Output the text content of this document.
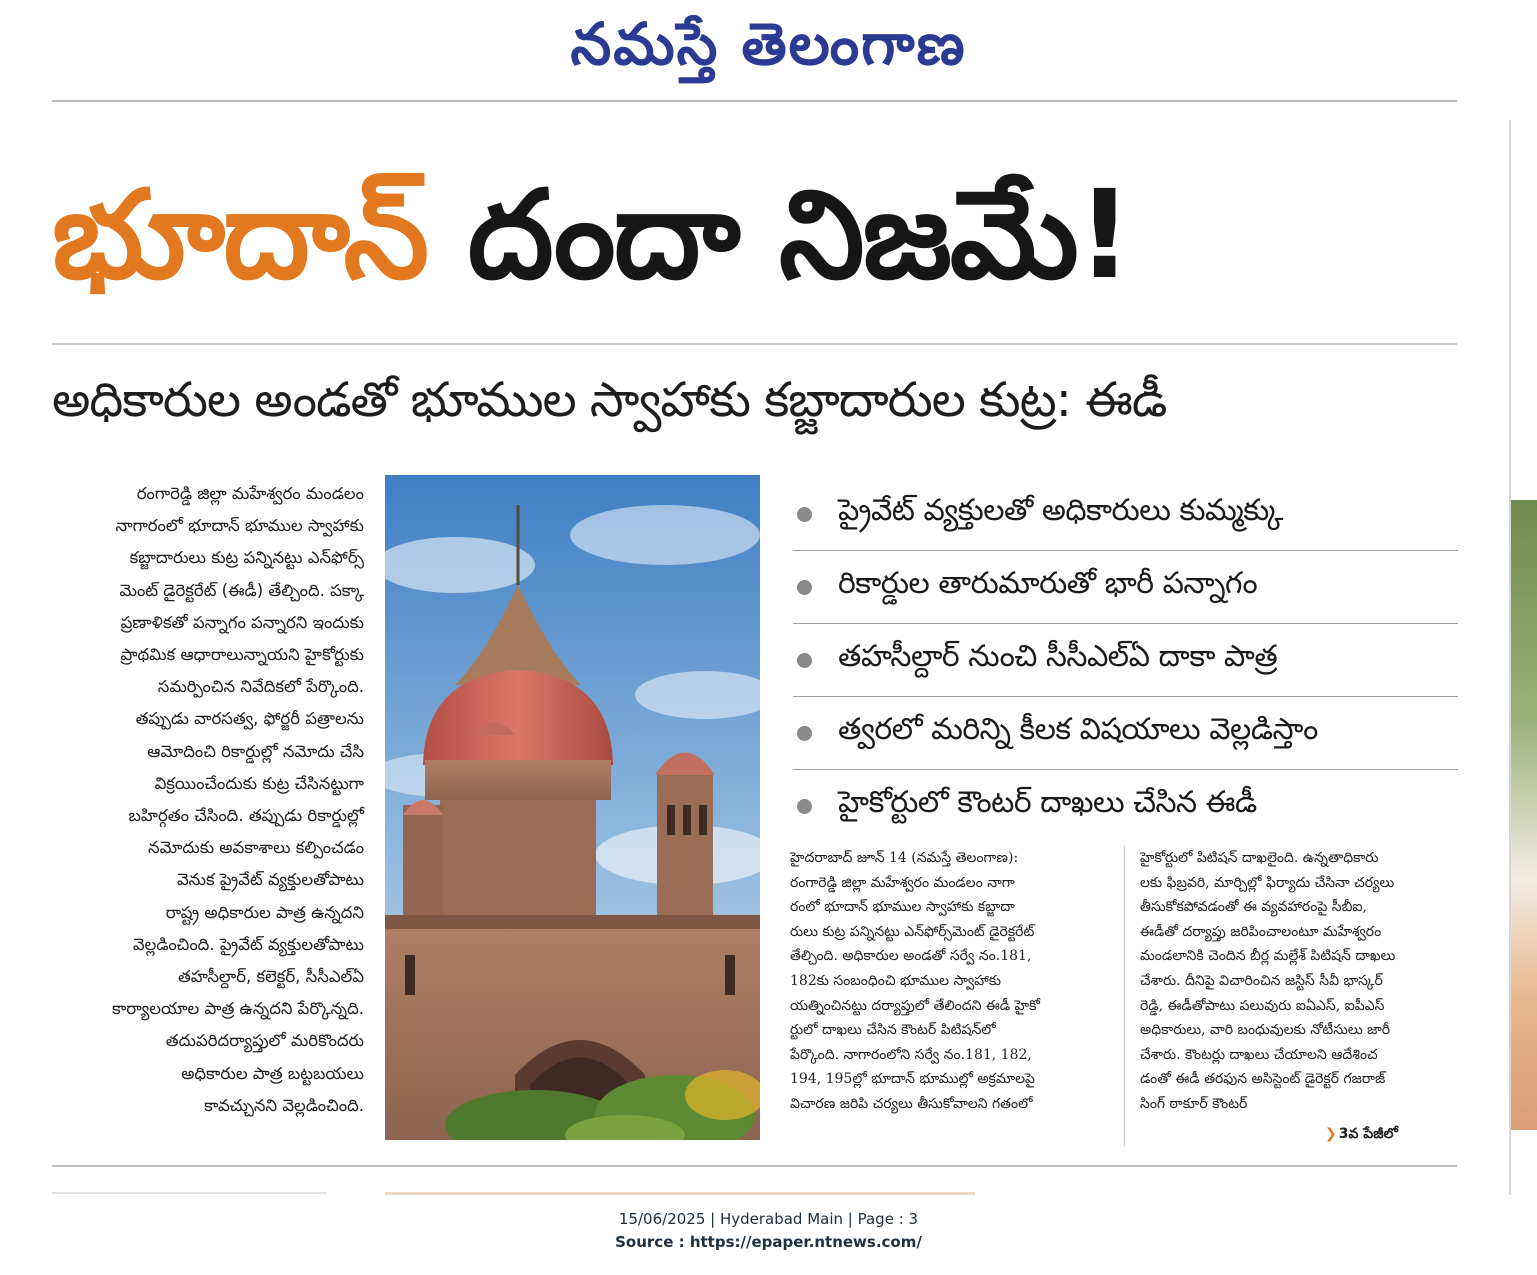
నమస్తే తెలంగాణ
భూదాన్ దందా నిజమే!
అధికారుల అండతో భూముల స్వాహాకు కబ్జాదారుల కుట్ర: ఈడీ
రంగారెడ్డి జిల్లా మహేశ్వరం మండలం
నాగారంలో భూదాన్ భూముల స్వాహాకు
కబ్జాదారులు కుట్ర పన్నినట్టు ఎన్‌ఫోర్స్
మెంట్ డైరెక్టరేట్ (ఈడీ) తేల్చింది. పక్కా
ప్రణాళికతో పన్నాగం పన్నారని ఇందుకు
ప్రాథమిక ఆధారాలున్నాయని హైకోర్టుకు
సమర్పించిన నివేదికలో పేర్కొంది.
తప్పుడు వారసత్వ, ఫోర్జరీ పత్రాలను
ఆమోదించి రికార్డుల్లో నమోదు చేసి
విక్రయించేందుకు కుట్ర చేసినట్టుగా
బహిర్గతం చేసింది. తప్పుడు రికార్డుల్లో
నమోదుకు అవకాశాలు కల్పించడం
వెనుక ప్రైవేట్ వ్యక్తులతోపాటు
రాష్ట్ర అధికారుల పాత్ర ఉన్నదని
వెల్లడించింది. ప్రైవేట్ వ్యక్తులతోపాటు
తహసీల్దార్, కలెక్టర్, సీసీఎల్‌ఏ
కార్యాలయాల పాత్ర ఉన్నదని పేర్కొన్నది.
తదుపరిదర్యాప్తులో మరికొందరు
అధికారుల పాత్ర బట్టబయలు
కావచ్చునని వెల్లడించింది.
ప్రైవేట్ వ్యక్తులతో అధికారులు కుమ్మక్కు
రికార్డుల తారుమారుతో భారీ పన్నాగం
తహసీల్దార్ నుంచి సీసీఎల్‌ఏ దాకా పాత్ర
త్వరలో మరిన్ని కీలక విషయాలు వెల్లడిస్తాం
హైకోర్టులో కౌంటర్ దాఖలు చేసిన ఈడీ
హైదరాబాద్ జూన్ 14 (నమస్తే తెలంగాణ):
రంగారెడ్డి జిల్లా మహేశ్వరం మండలం నాగా
రంలో భూదాన్ భూముల స్వాహాకు కబ్జాదా
రులు కుట్ర పన్నినట్టు ఎన్‌ఫోర్స్‌మెంట్ డైరెక్టరేట్
తేల్చింది. అధికారుల అండతో సర్వే నం.181,
182కు సంబంధించి భూముల స్వాహాకు
యత్నించినట్టు దర్యాప్తులో తేలిందని ఈడీ హైకో
ర్టులో దాఖలు చేసిన కౌంటర్ పిటిషన్‌లో
పేర్కొంది. నాగారంలోని సర్వే నం.181, 182,
194, 195ల్లో భూదాన్ భూముల్లో అక్రమాలపై
విచారణ జరిపి చర్యలు తీసుకోవాలని గతంలో
హైకోర్టులో పిటిషన్ దాఖలైంది. ఉన్నతాధికారు
లకు ఫిబ్రవరి, మార్చిల్లో ఫిర్యాదు చేసినా చర్యలు
తీసుకోకపోవడంతో ఈ వ్యవహారంపై సీబీఐ,
ఈడీతో దర్యాప్తు జరిపించాలంటూ మహేశ్వరం
మండలానికి చెందిన బీర్ల మల్లేశ్ పిటిషన్ దాఖలు
చేశారు. దీనిపై విచారించిన జస్టిస్ సీవీ భాస్కర్
రెడ్డి, ఈడీతోపాటు పలువురు ఐఏఎస్, ఐపీఎస్
అధికారులు, వారి బంధువులకు నోటీసులు జారీ
చేశారు. కౌంటర్లు దాఖలు చేయాలని ఆదేశించ
డంతో ఈడీ తరఫున అసిస్టెంట్ డైరెక్టర్ గజరాజ్
సింగ్ ఠాకూర్ కౌంటర్
❯ 3వ పేజీలో
15/06/2025 | Hyderabad Main | Page : 3
Source : https://epaper.ntnews.com/
